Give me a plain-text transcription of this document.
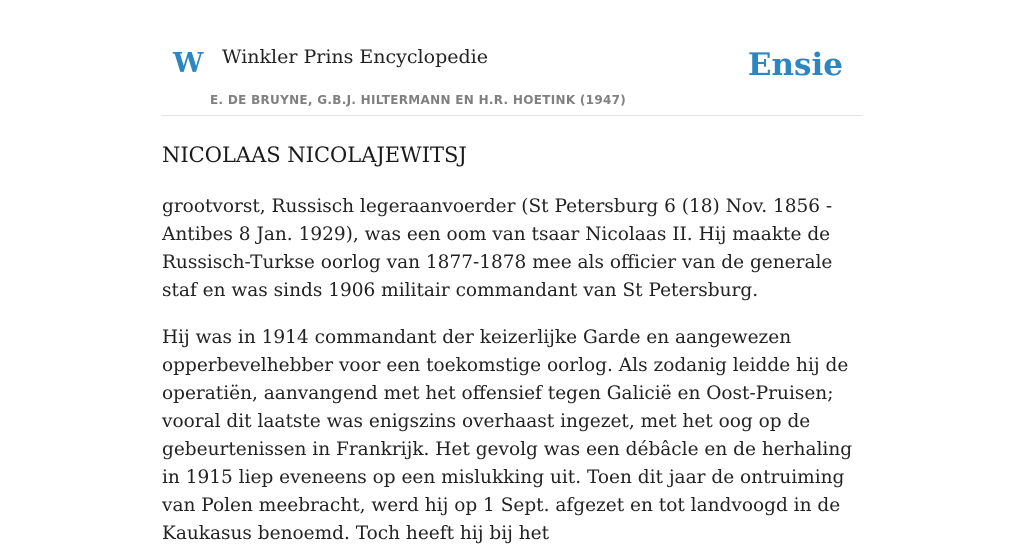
W Winkler Prins Encyclopedie	Ensie
E. DE BRUYNE, G.B.J. HILTERMANN EN H.R. HOETINK (1947)
NICOLAAS NICOLAJEWITSJ

grootvorst, Russisch legeraanvoerder (St Petersburg 6 (18) Nov. 1856 - Antibes 8 Jan. 1929), was een oom van tsaar Nicolaas II. Hij maakte de Russisch-Turkse oorlog van 1877-1878 mee als officier van de generale staf en was sinds 1906 militair commandant van St Petersburg.

Hij was in 1914 commandant der keizerlijke Garde en aangewezen opperbevelhebber voor een toekomstige oorlog. Als zodanig leidde hij de operatiën, aanvangend met het offensief tegen Galicië en Oost-Pruisen; vooral dit laatste was enigszins overhaast ingezet, met het oog op de gebeurtenissen in Frankrijk. Het gevolg was een débâcle en de herhaling in 1915 liep eveneens op een mislukking uit. Toen dit jaar de ontruiming van Polen meebracht, werd hij op 1 Sept. afgezet en tot landvoogd in de Kaukasus benoemd. Toch heeft hij bij het
